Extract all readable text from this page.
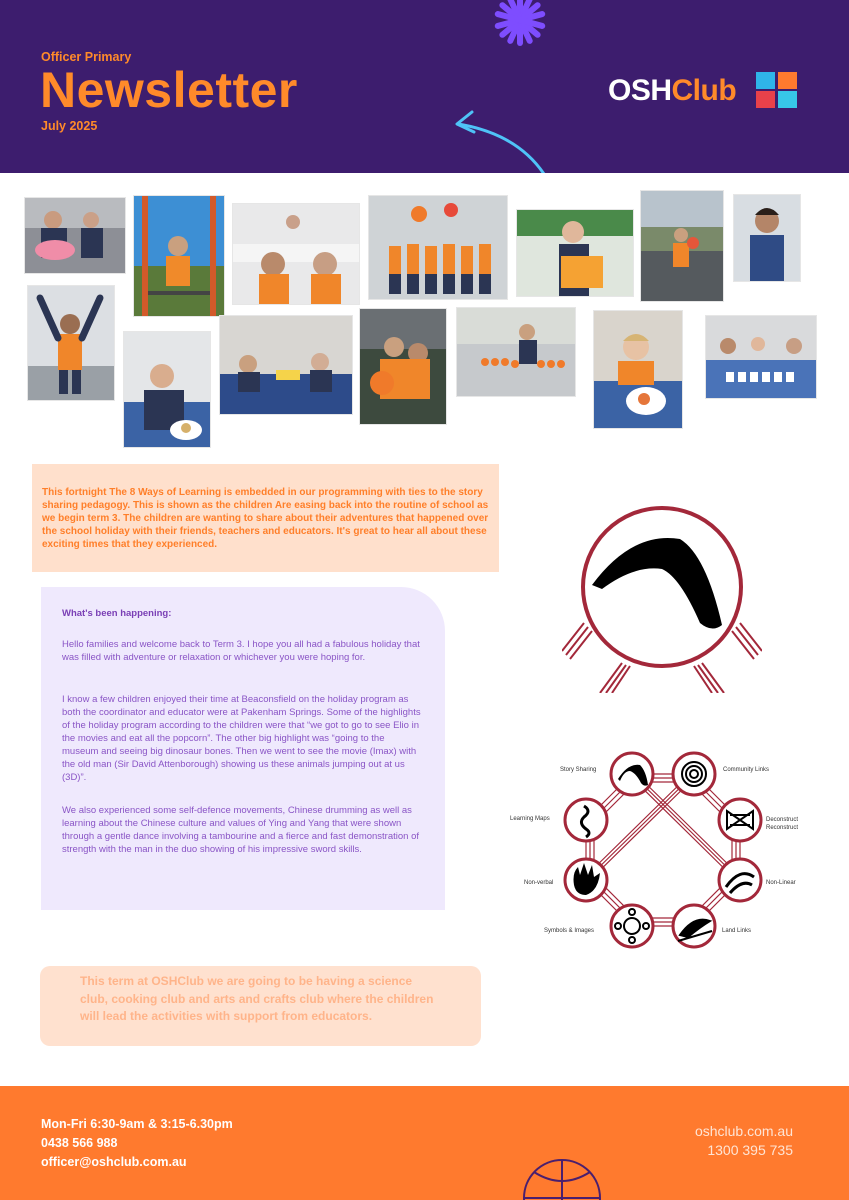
Officer Primary
Newsletter
July 2025
OSHClub

This fortnight The 8 Ways of Learning is embedded in our programming with ties to the story sharing pedagogy. This is shown as the children Are easing back into the routine of school as we begin term 3. The children are wanting to share about their adventures that happened over the school holiday with their friends, teachers and educators. It's great to hear all about these exciting times that they experienced.

What's been happening:

Hello families and welcome back to Term 3. I hope you all had a fabulous holiday that was filled with adventure or relaxation or whichever you were hoping for.

I know a few children enjoyed their time at Beaconsfield on the holiday program as both the coordinator and educator were at Pakenham Springs. Some of the highlights of the holiday program according to the children were that “we got to go to see Elio in the movies and eat all the popcorn”. The other big highlight was “going to the museum and seeing big dinosaur bones. Then we went to see the movie (Imax) with the old man (Sir David Attenborough) showing us these animals jumping out at us (3D)”.

We also experienced some self-defence movements, Chinese drumming as well as learning about the Chinese culture and values of Ying and Yang that were shown through a gentle dance involving a tambourine and a fierce and fast demonstration of strength with the man in the duo showing of his impressive sword skills.

Story Sharing	Community Links
Learning Maps	Deconstruct
Reconstruct
Non-verbal	Non-Linear
Symbols & Images	Land Links

This term at OSHClub we are going to be having a science club, cooking club and arts and crafts club where the children will lead the activities with support from educators.

Mon-Fri 6:30-9am & 3:15-6.30pm
0438 566 988
officer@oshclub.com.au
oshclub.com.au
1300 395 735
